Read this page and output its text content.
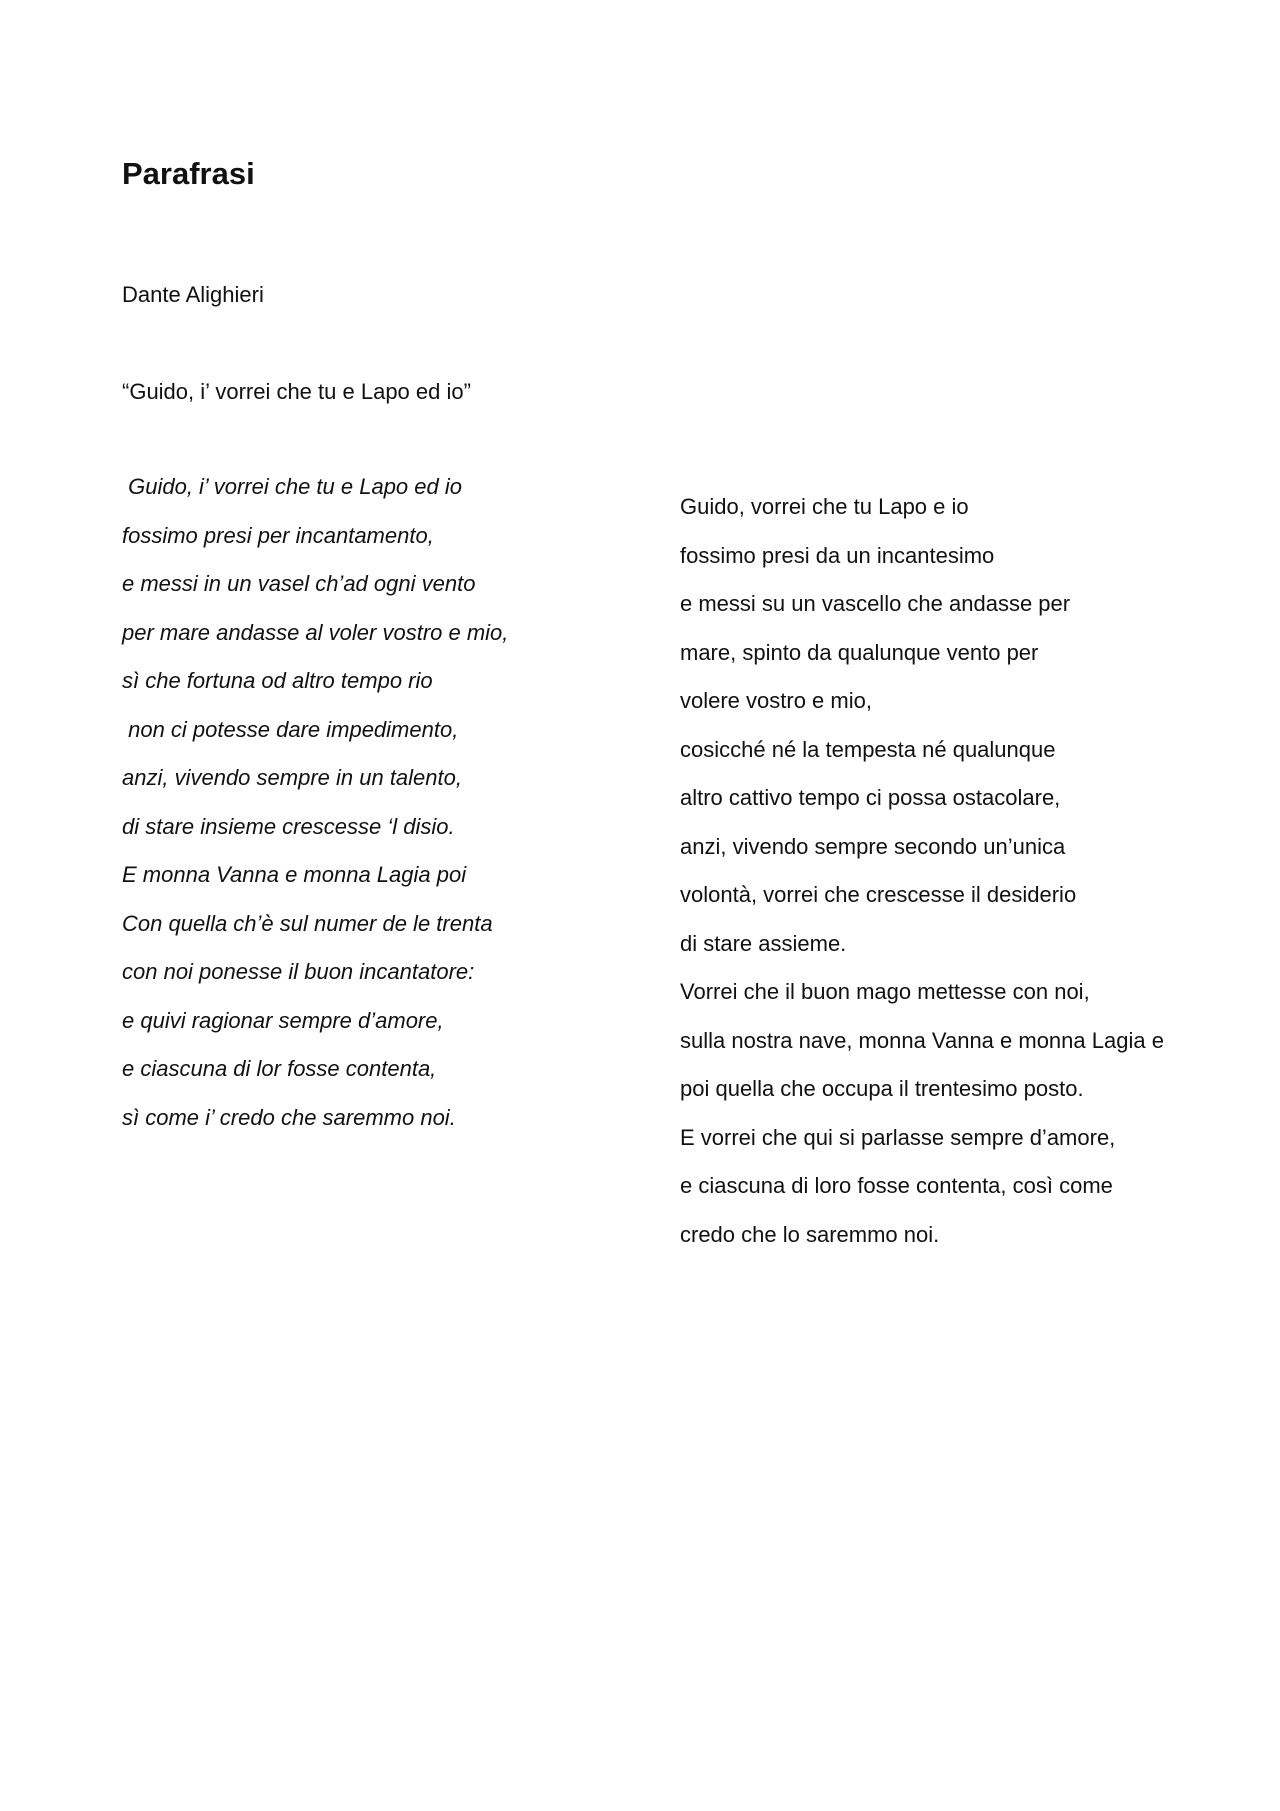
Parafrasi

Dante Alighieri

“Guido, i’ vorrei che tu e Lapo ed io”

Guido, i’ vorrei che tu e Lapo ed io
fossimo presi per incantamento,
e messi in un vasel ch’ad ogni vento
per mare andasse al voler vostro e mio,
sì che fortuna od altro tempo rio
non ci potesse dare impedimento,
anzi, vivendo sempre in un talento,
di stare insieme crescesse ‘l disio.
E monna Vanna e monna Lagia poi
Con quella ch’è sul numer de le trenta
con noi ponesse il buon incantatore:
e quivi ragionar sempre d’amore,
e ciascuna di lor fosse contenta,
sì come i’ credo che saremmo noi.
Guido, vorrei che tu Lapo e io
fossimo presi da un incantesimo
e messi su un vascello che andasse per
mare, spinto da qualunque vento per
volere vostro e mio,
cosicché né la tempesta né qualunque
altro cattivo tempo ci possa ostacolare,
anzi, vivendo sempre secondo un’unica
volontà, vorrei che crescesse il desiderio
di stare assieme.
Vorrei che il buon mago mettesse con noi,
sulla nostra nave, monna Vanna e monna Lagia e
poi quella che occupa il trentesimo posto.
E vorrei che qui si parlasse sempre d’amore,
e ciascuna di loro fosse contenta, così come
credo che lo saremmo noi.
